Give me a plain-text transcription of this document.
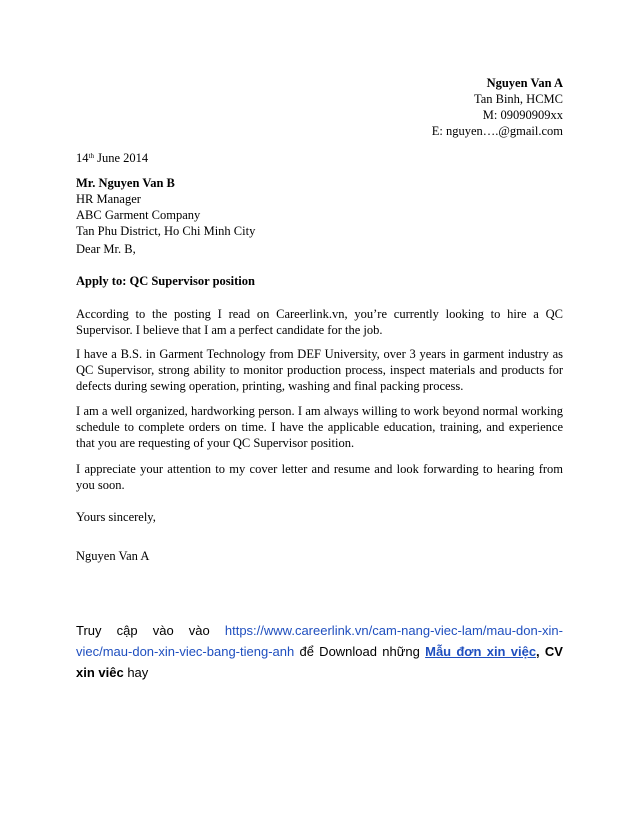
Nguyen Van A
Tan Binh, HCMC
M: 09090909xx
E: nguyen….@gmail.com
14th June 2014
Mr. Nguyen Van B
HR Manager
ABC Garment Company
Tan Phu District, Ho Chi Minh City
Dear Mr. B,
Apply to: QC Supervisor position
According to the posting I read on Careerlink.vn, you’re currently looking to hire a QC Supervisor. I believe that I am a perfect candidate for the job.
I have a B.S. in Garment Technology from DEF University, over 3 years in garment industry as QC Supervisor, strong ability to monitor production process, inspect materials and products for defects during sewing operation, printing, washing and final packing process.
I am a well organized, hardworking person. I am always willing to work beyond normal working schedule to complete orders on time. I have the applicable education, training, and experience that you are requesting of your QC Supervisor position.
I appreciate your attention to my cover letter and resume and look forwarding to hearing from you soon.
Yours sincerely,
Nguyen Van A
Truy cập vào vào https://www.careerlink.vn/cam-nang-viec-lam/mau-don-xin-viec/mau-don-xin-viec-bang-tieng-anh để Download những Mẫu đơn xin việc, CV xin viêc hay
